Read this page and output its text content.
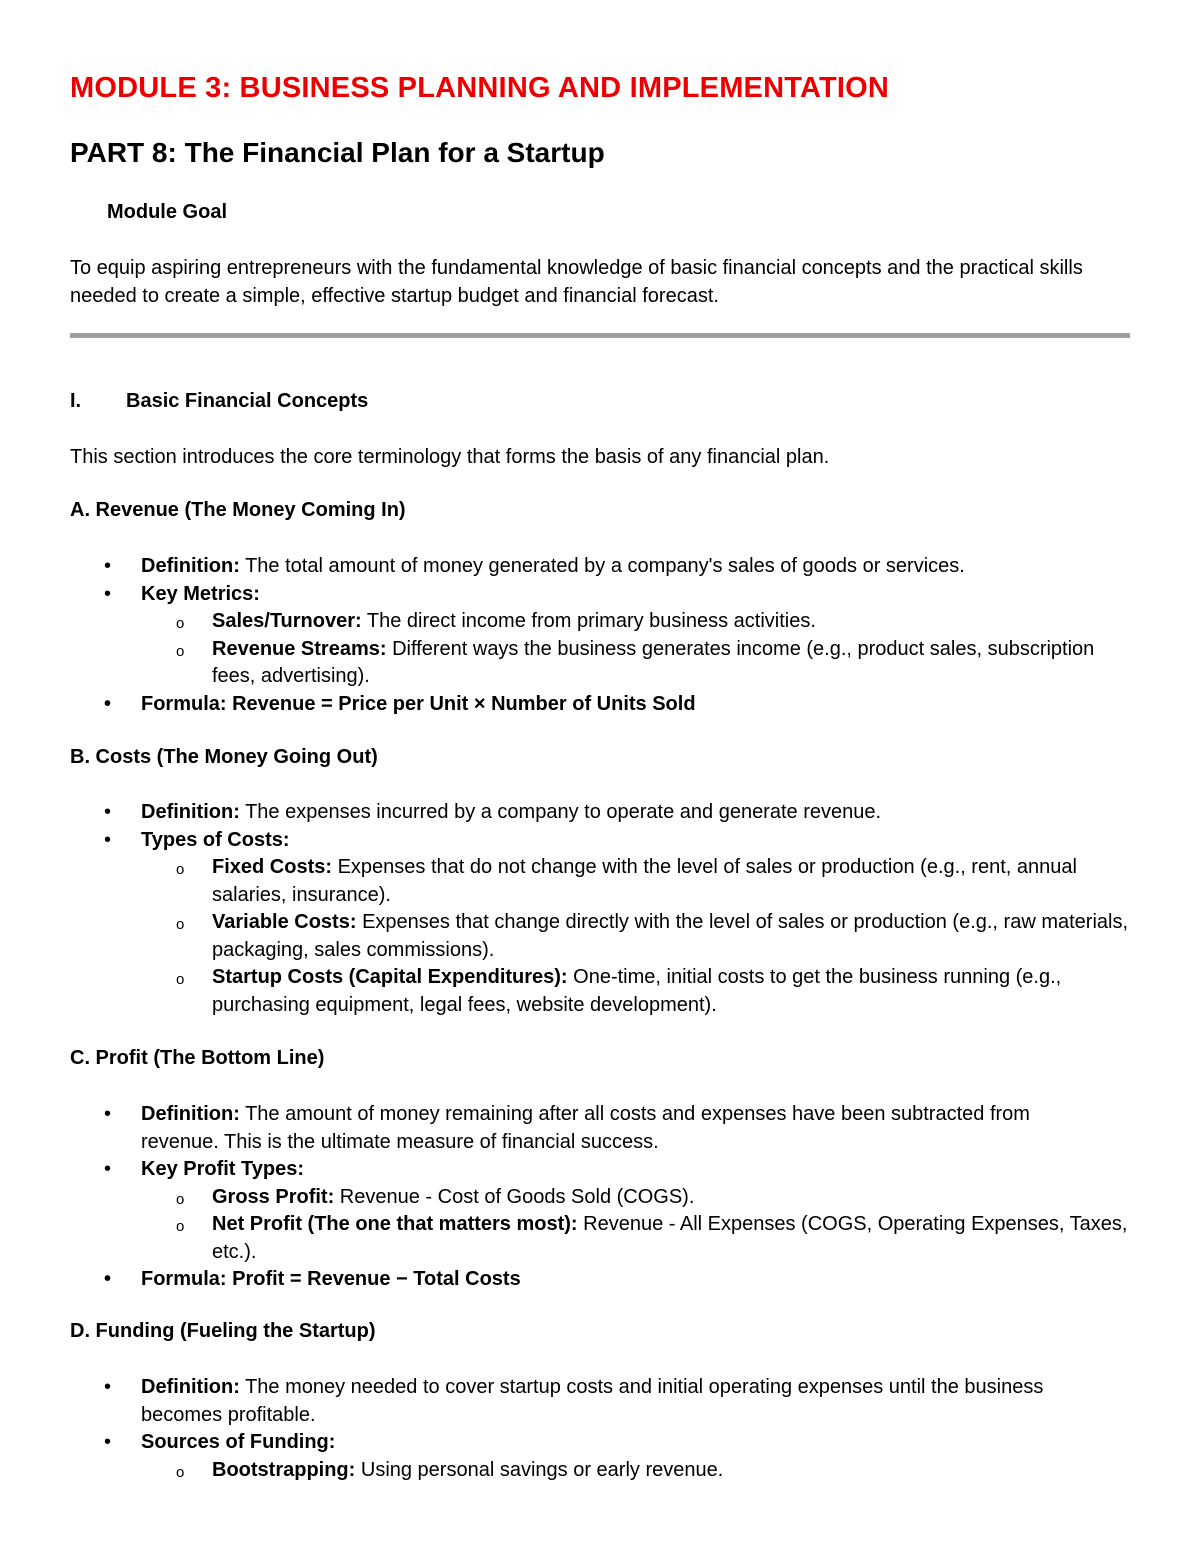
MODULE 3: BUSINESS PLANNING AND IMPLEMENTATION
PART 8: The Financial Plan for a Startup
Module Goal
To equip aspiring entrepreneurs with the fundamental knowledge of basic financial concepts and the practical skills needed to create a simple, effective startup budget and financial forecast.
I. Basic Financial Concepts
This section introduces the core terminology that forms the basis of any financial plan.
A. Revenue (The Money Coming In)
• Definition: The total amount of money generated by a company's sales of goods or services.
• Key Metrics:
o Sales/Turnover: The direct income from primary business activities.
o Revenue Streams: Different ways the business generates income (e.g., product sales, subscription fees, advertising).
• Formula: Revenue = Price per Unit × Number of Units Sold
B. Costs (The Money Going Out)
• Definition: The expenses incurred by a company to operate and generate revenue.
• Types of Costs:
o Fixed Costs: Expenses that do not change with the level of sales or production (e.g., rent, annual salaries, insurance).
o Variable Costs: Expenses that change directly with the level of sales or production (e.g., raw materials, packaging, sales commissions).
o Startup Costs (Capital Expenditures): One-time, initial costs to get the business running (e.g., purchasing equipment, legal fees, website development).
C. Profit (The Bottom Line)
• Definition: The amount of money remaining after all costs and expenses have been subtracted from revenue. This is the ultimate measure of financial success.
• Key Profit Types:
o Gross Profit: Revenue - Cost of Goods Sold (COGS).
o Net Profit (The one that matters most): Revenue - All Expenses (COGS, Operating Expenses, Taxes, etc.).
• Formula: Profit = Revenue − Total Costs
D. Funding (Fueling the Startup)
• Definition: The money needed to cover startup costs and initial operating expenses until the business becomes profitable.
• Sources of Funding:
o Bootstrapping: Using personal savings or early revenue.
